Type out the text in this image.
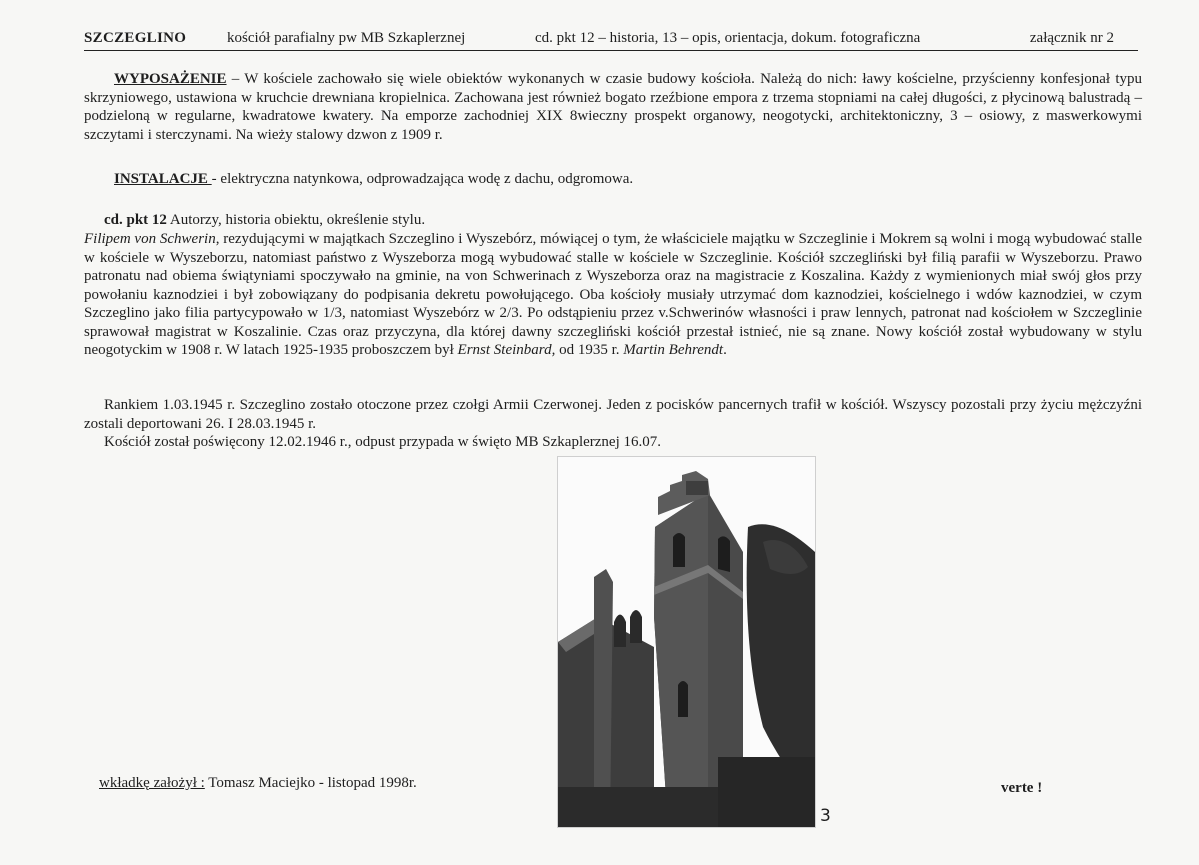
SZCZEGLINO	kościół parafialny pw MB Szkaplerznej	cd. pkt 12 – historia, 13 – opis, orientacja, dokum. fotograficzna	załącznik nr 2
WYPOSAŻENIE – W kościele zachowało się wiele obiektów wykonanych w czasie budowy kościoła. Należą do nich: ławy kościelne, przyścienny konfesjonał typu skrzyniowego, ustawiona w kruchcie drewniana kropielnica. Zachowana jest również bogato rzeźbione empora z trzema stopniami na całej długości, z płycinową balustradą – podzieloną w regularne, kwadratowe kwatery. Na emporze zachodniej XIX 8wieczny prospekt organowy, neogotycki, architektoniczny, 3 – osiowy, z maswerkowymi szczytami i sterczynami. Na wieży stalowy dzwon z 1909 r.
INSTALACJE - elektryczna natynkowa, odprowadzająca wodę z dachu, odgromowa.
cd. pkt 12 Autorzy, historia obiektu, określenie stylu.
Filipem von Schwerin, rezydującymi w majątkach Szczeglino i Wyszebórz, mówiącej o tym, że właściciele majątku w Szczeglinie i Mokrem są wolni i mogą wybudować stalle w kościele w Wyszeborzu, natomiast państwo z Wyszeborza mogą wybudować stalle w kościele w Szczeglinie. Kościół szczegliński był filią parafii w Wyszeborzu. Prawo patronatu nad obiema świątyniami spoczywało na gminie, na von Schwerinach z Wyszeborza oraz na magistracie z Koszalina. Każdy z wymienionych miał swój głos przy powołaniu kaznodziei i był zobowiązany do podpisania dekretu powołującego. Oba kościoły musiały utrzymać dom kaznodziei, kościelnego i wdów kaznodziei, w czym Szczeglino jako filia partycypowało w 1/3, natomiast Wyszebórz w 2/3. Po odstąpieniu przez v.Schwerinów własności i praw lennych, patronat nad kościołem w Szczeglinie sprawował magistrat w Koszalinie. Czas oraz przyczyna, dla której dawny szczegliński kościół przestał istnieć, nie są znane. Nowy kościół został wybudowany w stylu neogotyckim w 1908 r. W latach 1925-1935 proboszczem był Ernst Steinbard, od 1935 r. Martin Behrendt.
Rankiem 1.03.1945 r. Szczeglino zostało otoczone przez czołgi Armii Czerwonej. Jeden z pocisków pancernych trafił w kościół. Wszyscy pozostali przy życiu mężczyźni zostali deportowani 26. I 28.03.1945 r.
Kościół został poświęcony 12.02.1946 r., odpust przypada w święto MB Szkaplerznej 16.07.
3
wkładkę założył : Tomasz Maciejko - listopad 1998r.	verte !
